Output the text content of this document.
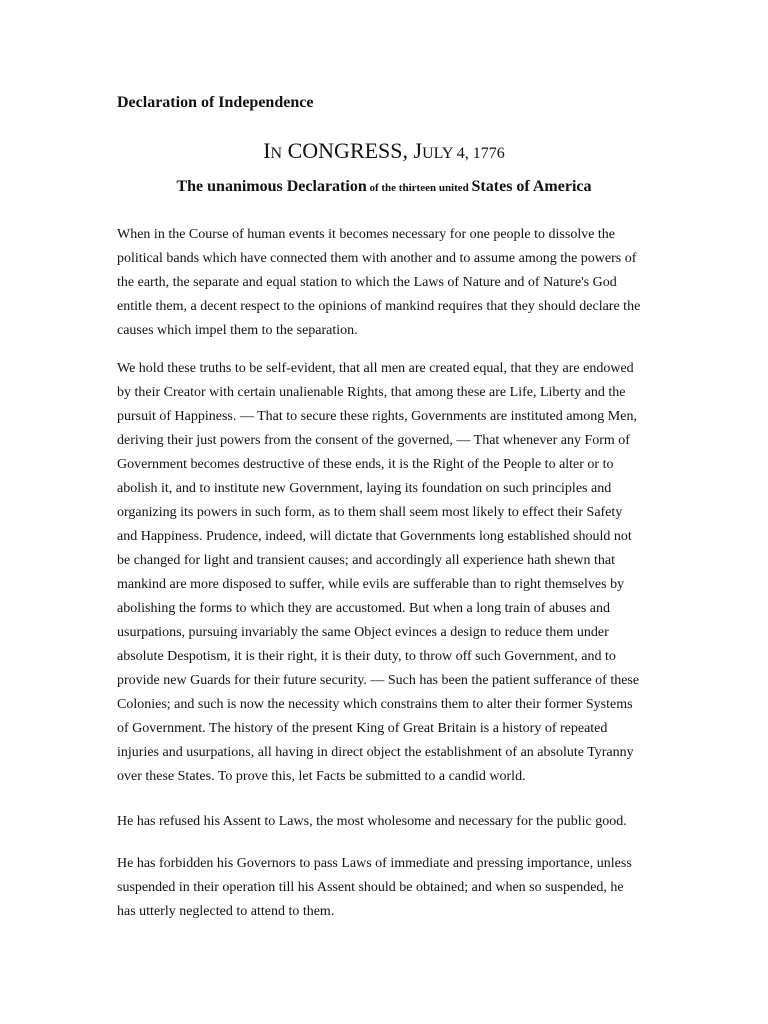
Declaration of Independence
IN CONGRESS, JULY 4, 1776
The unanimous Declaration of the thirteen united States of America
When in the Course of human events it becomes necessary for one people to dissolve the
political bands which have connected them with another and to assume among the powers of
the earth, the separate and equal station to which the Laws of Nature and of Nature's God
entitle them, a decent respect to the opinions of mankind requires that they should declare the
causes which impel them to the separation.
We hold these truths to be self-evident, that all men are created equal, that they are endowed
by their Creator with certain unalienable Rights, that among these are Life, Liberty and the
pursuit of Happiness. — That to secure these rights, Governments are instituted among Men,
deriving their just powers from the consent of the governed, — That whenever any Form of
Government becomes destructive of these ends, it is the Right of the People to alter or to
abolish it, and to institute new Government, laying its foundation on such principles and
organizing its powers in such form, as to them shall seem most likely to effect their Safety
and Happiness. Prudence, indeed, will dictate that Governments long established should not
be changed for light and transient causes; and accordingly all experience hath shewn that
mankind are more disposed to suffer, while evils are sufferable than to right themselves by
abolishing the forms to which they are accustomed. But when a long train of abuses and
usurpations, pursuing invariably the same Object evinces a design to reduce them under
absolute Despotism, it is their right, it is their duty, to throw off such Government, and to
provide new Guards for their future security. — Such has been the patient sufferance of these
Colonies; and such is now the necessity which constrains them to alter their former Systems
of Government. The history of the present King of Great Britain is a history of repeated
injuries and usurpations, all having in direct object the establishment of an absolute Tyranny
over these States. To prove this, let Facts be submitted to a candid world.
He has refused his Assent to Laws, the most wholesome and necessary for the public good.
He has forbidden his Governors to pass Laws of immediate and pressing importance, unless
suspended in their operation till his Assent should be obtained; and when so suspended, he
has utterly neglected to attend to them.
